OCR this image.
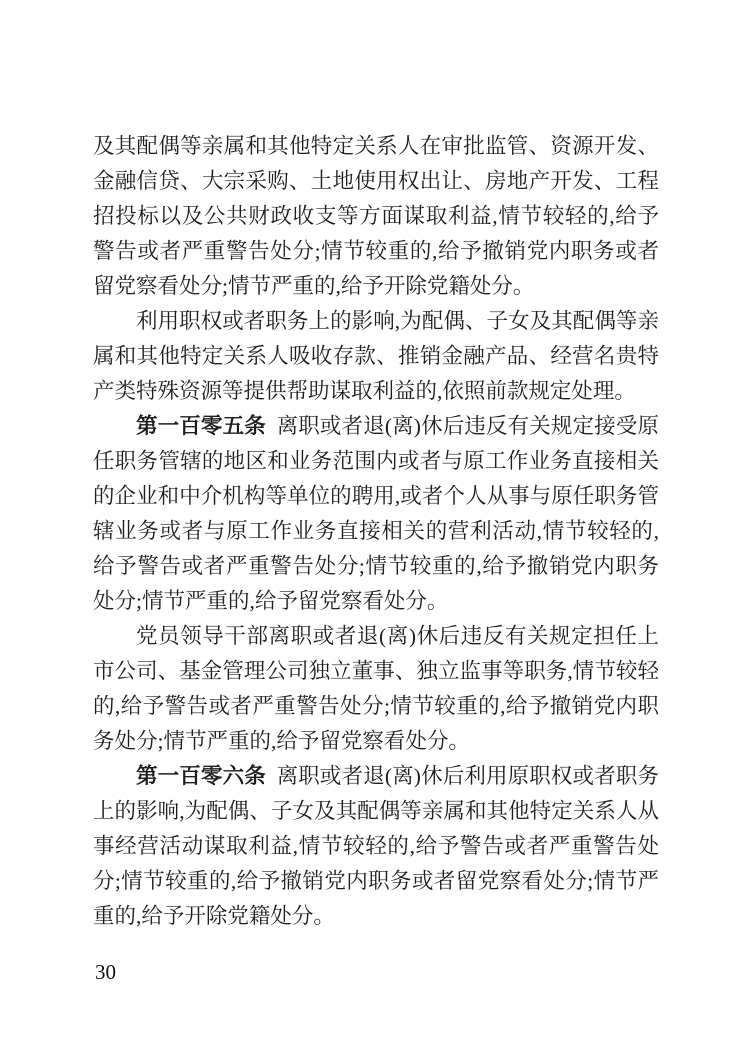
及其配偶等亲属和其他特定关系人在审批监管、资源开发、金融信贷、大宗采购、土地使用权出让、房地产开发、工程招投标以及公共财政收支等方面谋取利益,情节较轻的,给予警告或者严重警告处分;情节较重的,给予撤销党内职务或者留党察看处分;情节严重的,给予开除党籍处分。

利用职权或者职务上的影响,为配偶、子女及其配偶等亲属和其他特定关系人吸收存款、推销金融产品、经营名贵特产类特殊资源等提供帮助谋取利益的,依照前款规定处理。

第一百零五条 离职或者退(离)休后违反有关规定接受原任职务管辖的地区和业务范围内或者与原工作业务直接相关的企业和中介机构等单位的聘用,或者个人从事与原任职务管辖业务或者与原工作业务直接相关的营利活动,情节较轻的,给予警告或者严重警告处分;情节较重的,给予撤销党内职务处分;情节严重的,给予留党察看处分。

党员领导干部离职或者退(离)休后违反有关规定担任上市公司、基金管理公司独立董事、独立监事等职务,情节较轻的,给予警告或者严重警告处分;情节较重的,给予撤销党内职务处分;情节严重的,给予留党察看处分。

第一百零六条 离职或者退(离)休后利用原职权或者职务上的影响,为配偶、子女及其配偶等亲属和其他特定关系人从事经营活动谋取利益,情节较轻的,给予警告或者严重警告处分;情节较重的,给予撤销党内职务或者留党察看处分;情节严重的,给予开除党籍处分。

30
